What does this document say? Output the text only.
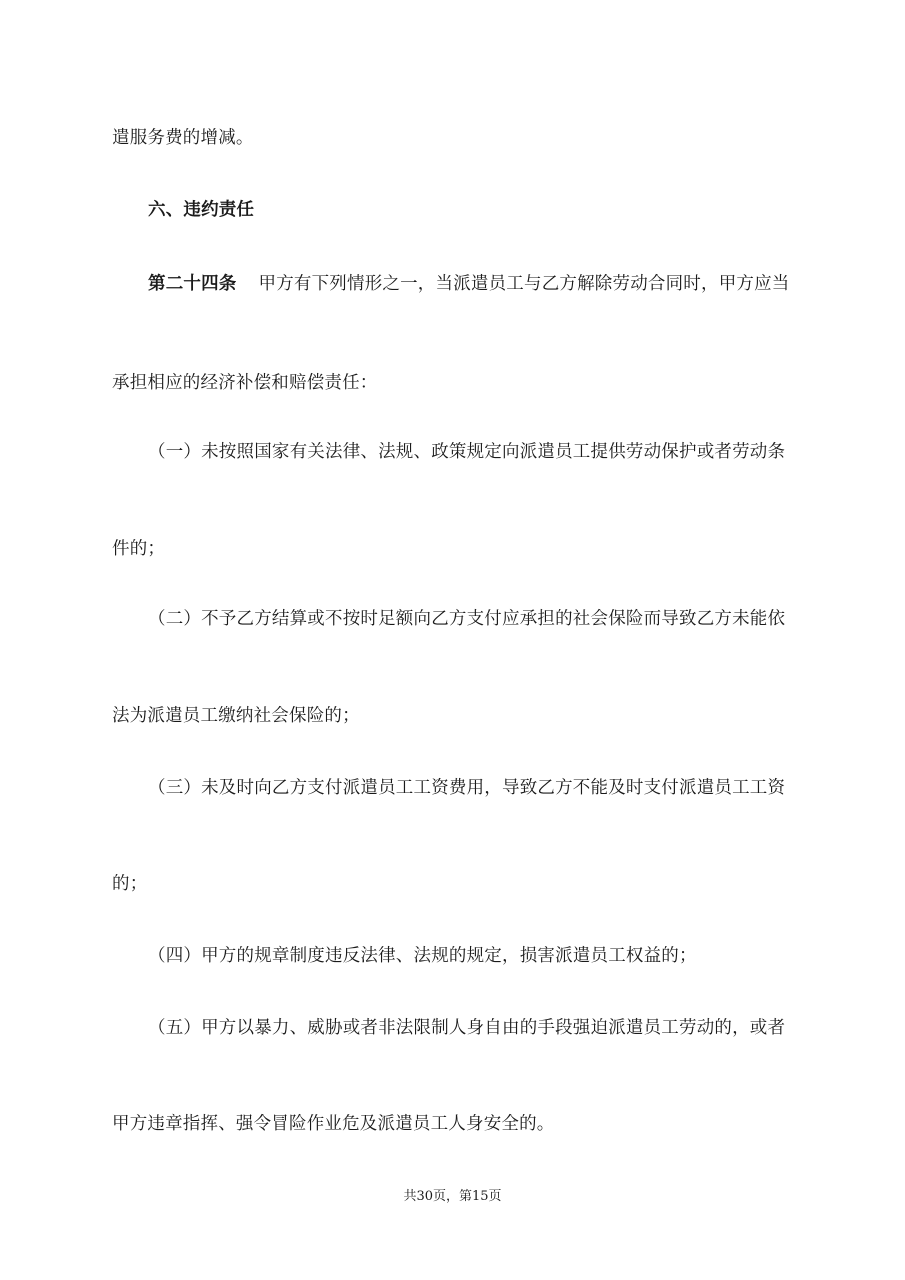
遣服务费的增减。
六、违约责任
第二十四条 甲方有下列情形之一，当派遣员工与乙方解除劳动合同时，甲方应当
承担相应的经济补偿和赔偿责任：
（一）未按照国家有关法律、法规、政策规定向派遣员工提供劳动保护或者劳动条
件的；
（二）不予乙方结算或不按时足额向乙方支付应承担的社会保险而导致乙方未能依
法为派遣员工缴纳社会保险的；
（三）未及时向乙方支付派遣员工工资费用，导致乙方不能及时支付派遣员工工资
的；
（四）甲方的规章制度违反法律、法规的规定，损害派遣员工权益的；
（五）甲方以暴力、威胁或者非法限制人身自由的手段强迫派遣员工劳动的，或者
甲方违章指挥、强令冒险作业危及派遣员工人身安全的。
共30页，第15页
